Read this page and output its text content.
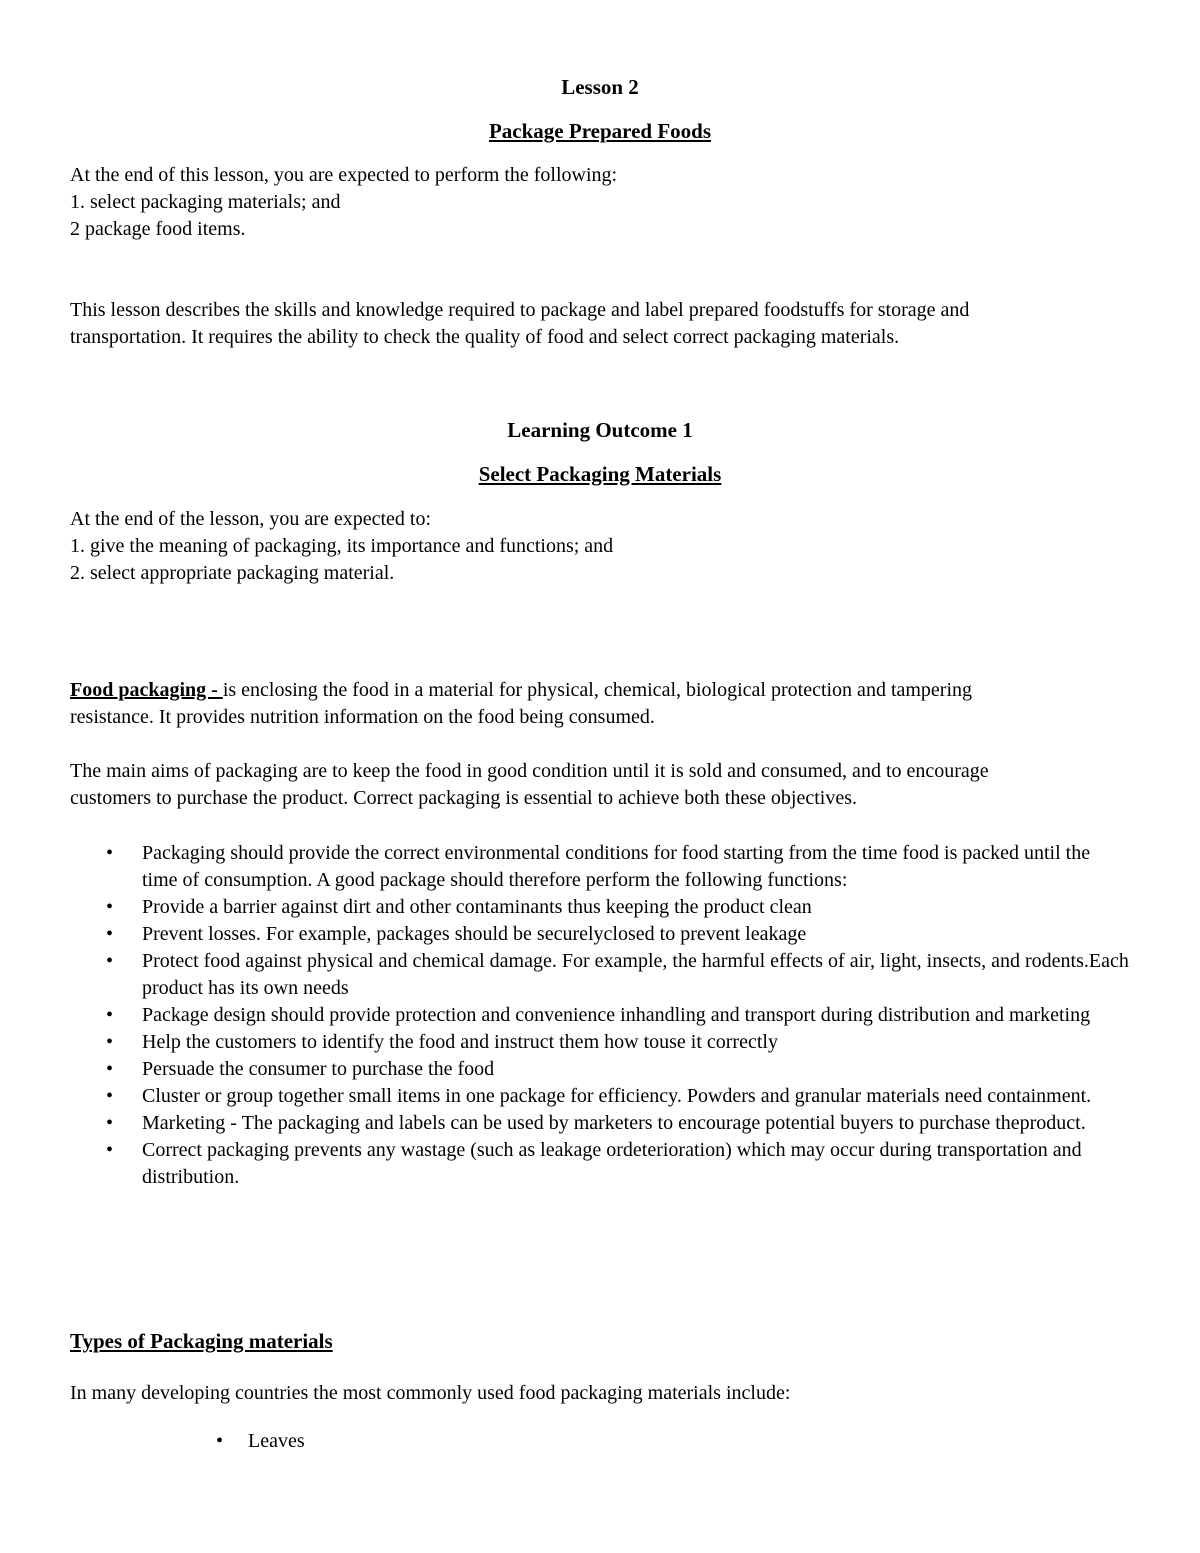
Lesson 2
Package Prepared Foods
At the end of this lesson, you are expected to perform the following:
1. select packaging materials; and
2 package food items.
This lesson describes the skills and knowledge required to package and label prepared foodstuffs for storage and
transportation. It requires the ability to check the quality of food and select correct packaging materials.
Learning Outcome 1
Select Packaging Materials
At the end of the lesson, you are expected to:
1. give the meaning of packaging, its importance and functions; and
2. select appropriate packaging material.
Food packaging - is enclosing the food in a material for physical, chemical, biological protection and tampering
resistance. It provides nutrition information on the food being consumed.
The main aims of packaging are to keep the food in good condition until it is sold and consumed, and to encourage
customers to purchase the product. Correct packaging is essential to achieve both these objectives.
• Packaging should provide the correct environmental conditions for food starting from the time food is packed until the time of consumption. A good package should therefore perform the following functions:
• Provide a barrier against dirt and other contaminants thus keeping the product clean
• Prevent losses. For example, packages should be securelyclosed to prevent leakage
• Protect food against physical and chemical damage. For example, the harmful effects of air, light, insects, and rodents.Each product has its own needs
• Package design should provide protection and convenience inhandling and transport during distribution and marketing
• Help the customers to identify the food and instruct them how touse it correctly
• Persuade the consumer to purchase the food
• Cluster or group together small items in one package for efficiency. Powders and granular materials need containment.
• Marketing - The packaging and labels can be used by marketers to encourage potential buyers to purchase theproduct.
• Correct packaging prevents any wastage (such as leakage ordeterioration) which may occur during transportation and distribution.
Types of Packaging materials
In many developing countries the most commonly used food packaging materials include:
• Leaves
